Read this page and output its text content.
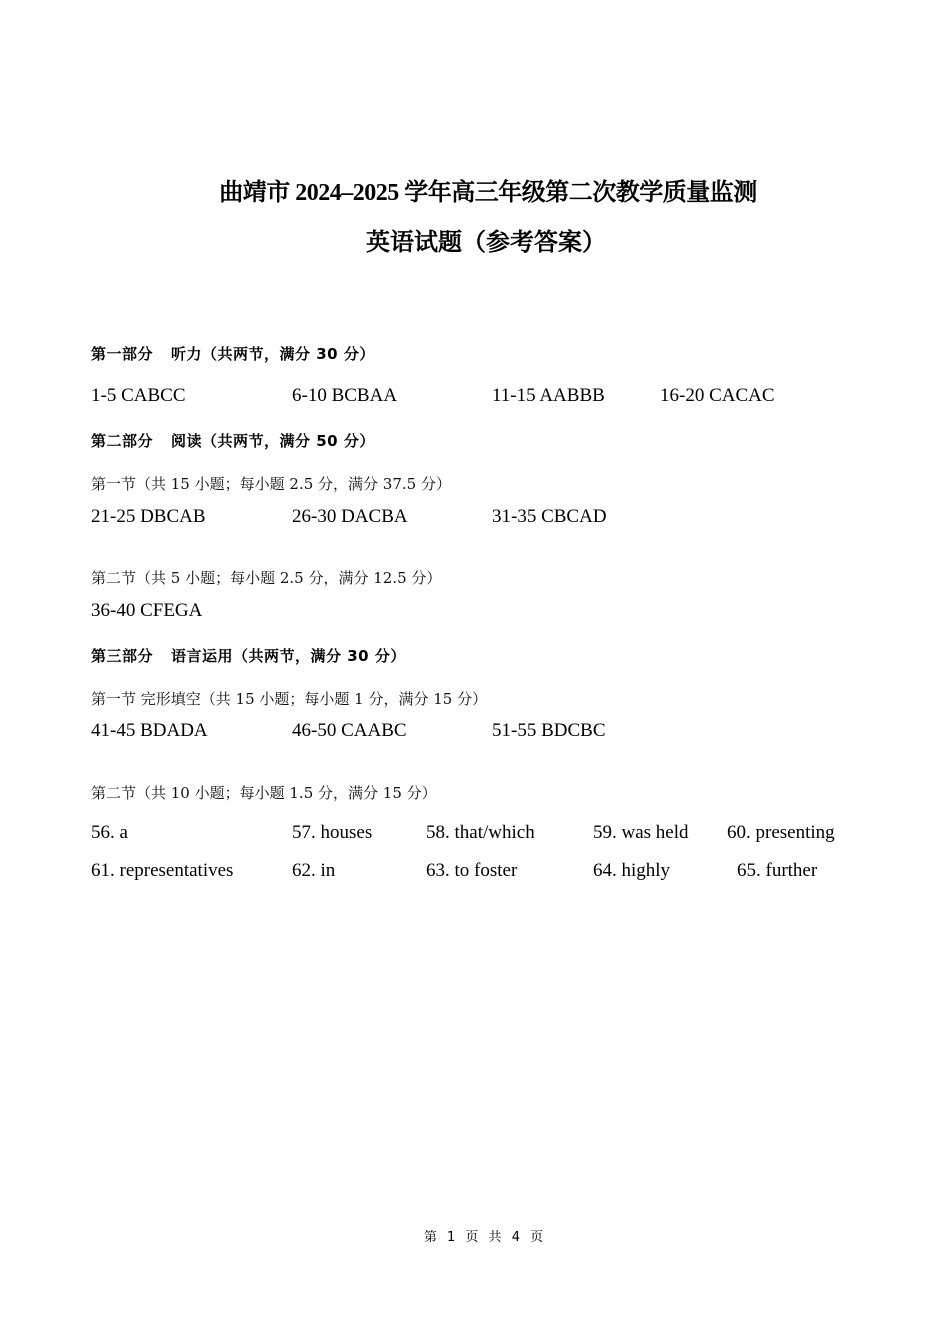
曲靖市 2024–2025 学年高三年级第二次教学质量监测
英语试题（参考答案）
第一部分 听力（共两节，满分 30 分）
1-5 CABCC	6-10 BCBAA	11-15 AABBB	16-20 CACAC
第二部分 阅读（共两节，满分 50 分）
第一节（共 15 小题；每小题 2.5 分，满分 37.5 分）
21-25 DBCAB	26-30 DACBA	31-35 CBCAD
第二节（共 5 小题；每小题 2.5 分，满分 12.5 分）
36-40 CFEGA
第三部分 语言运用（共两节，满分 30 分）
第一节 完形填空（共 15 小题；每小题 1 分，满分 15 分）
41-45 BDADA	46-50 CAABC	51-55 BDCBC
第二节（共 10 小题；每小题 1.5 分，满分 15 分）
56. a	57. houses	58. that/which	59. was held 60. presenting
61. representatives	62. in	63. to foster	64. highly	65. further
第 1 页 共 4 页
